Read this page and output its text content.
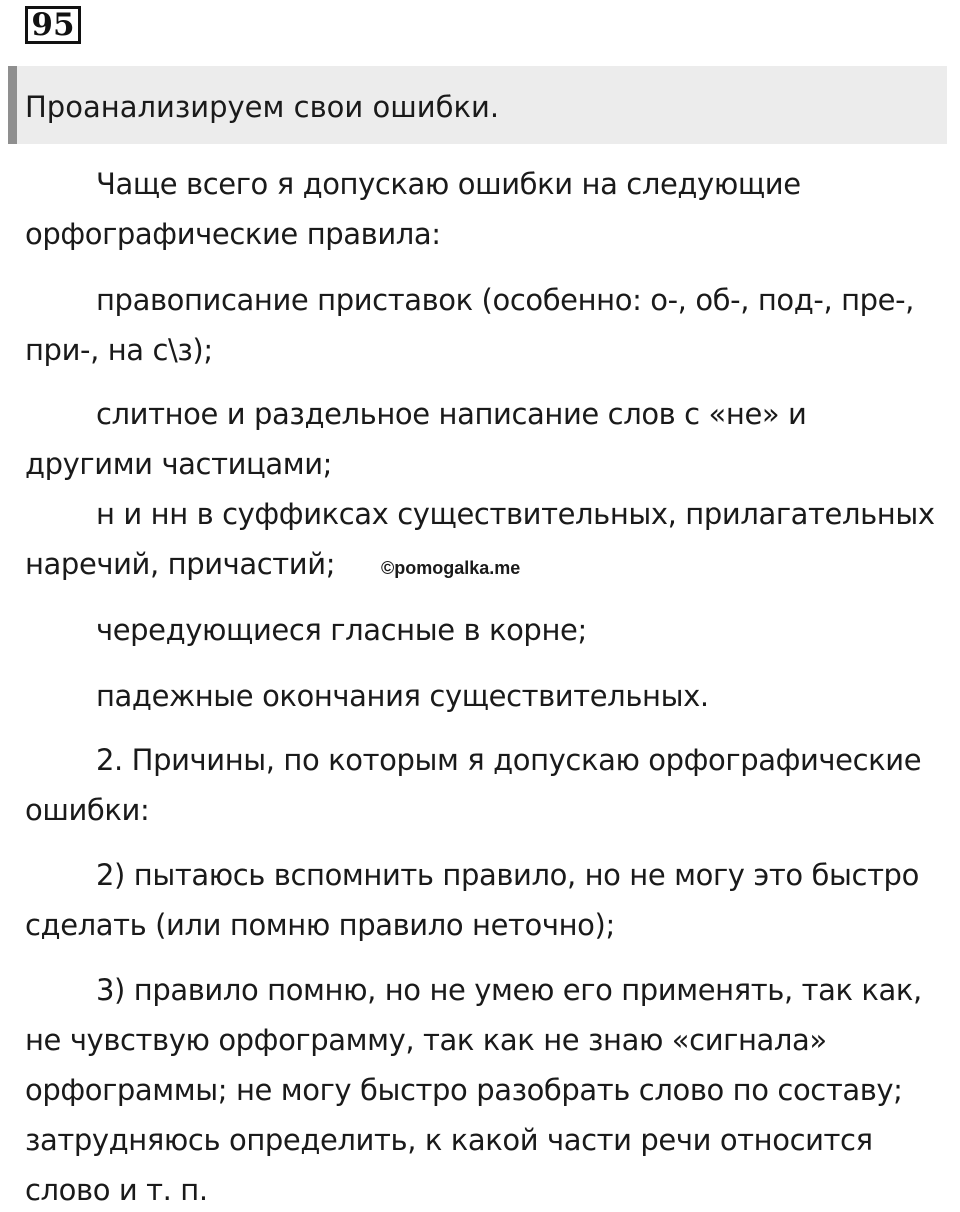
95
Проанализируем свои ошибки.
Чаще всего я допускаю ошибки на следующие
орфографические правила:
правописание приставок (особенно: о-, об-, под-, пре-,
при-, на с\з);
слитное и раздельное написание слов с «не» и
другими частицами;
н и нн в суффиксах существительных, прилагательных
наречий, причастий;	©pomogalka.me
чередующиеся гласные в корне;
падежные окончания существительных.
2. Причины, по которым я допускаю орфографические
ошибки:
2) пытаюсь вспомнить правило, но не могу это быстро
сделать (или помню правило неточно);
3) правило помню, но не умею его применять, так как,
не чувствую орфограмму, так как не знаю «сигнала»
орфограммы; не могу быстро разобрать слово по составу;
затрудняюсь определить, к какой части речи относится
слово и т. п.
